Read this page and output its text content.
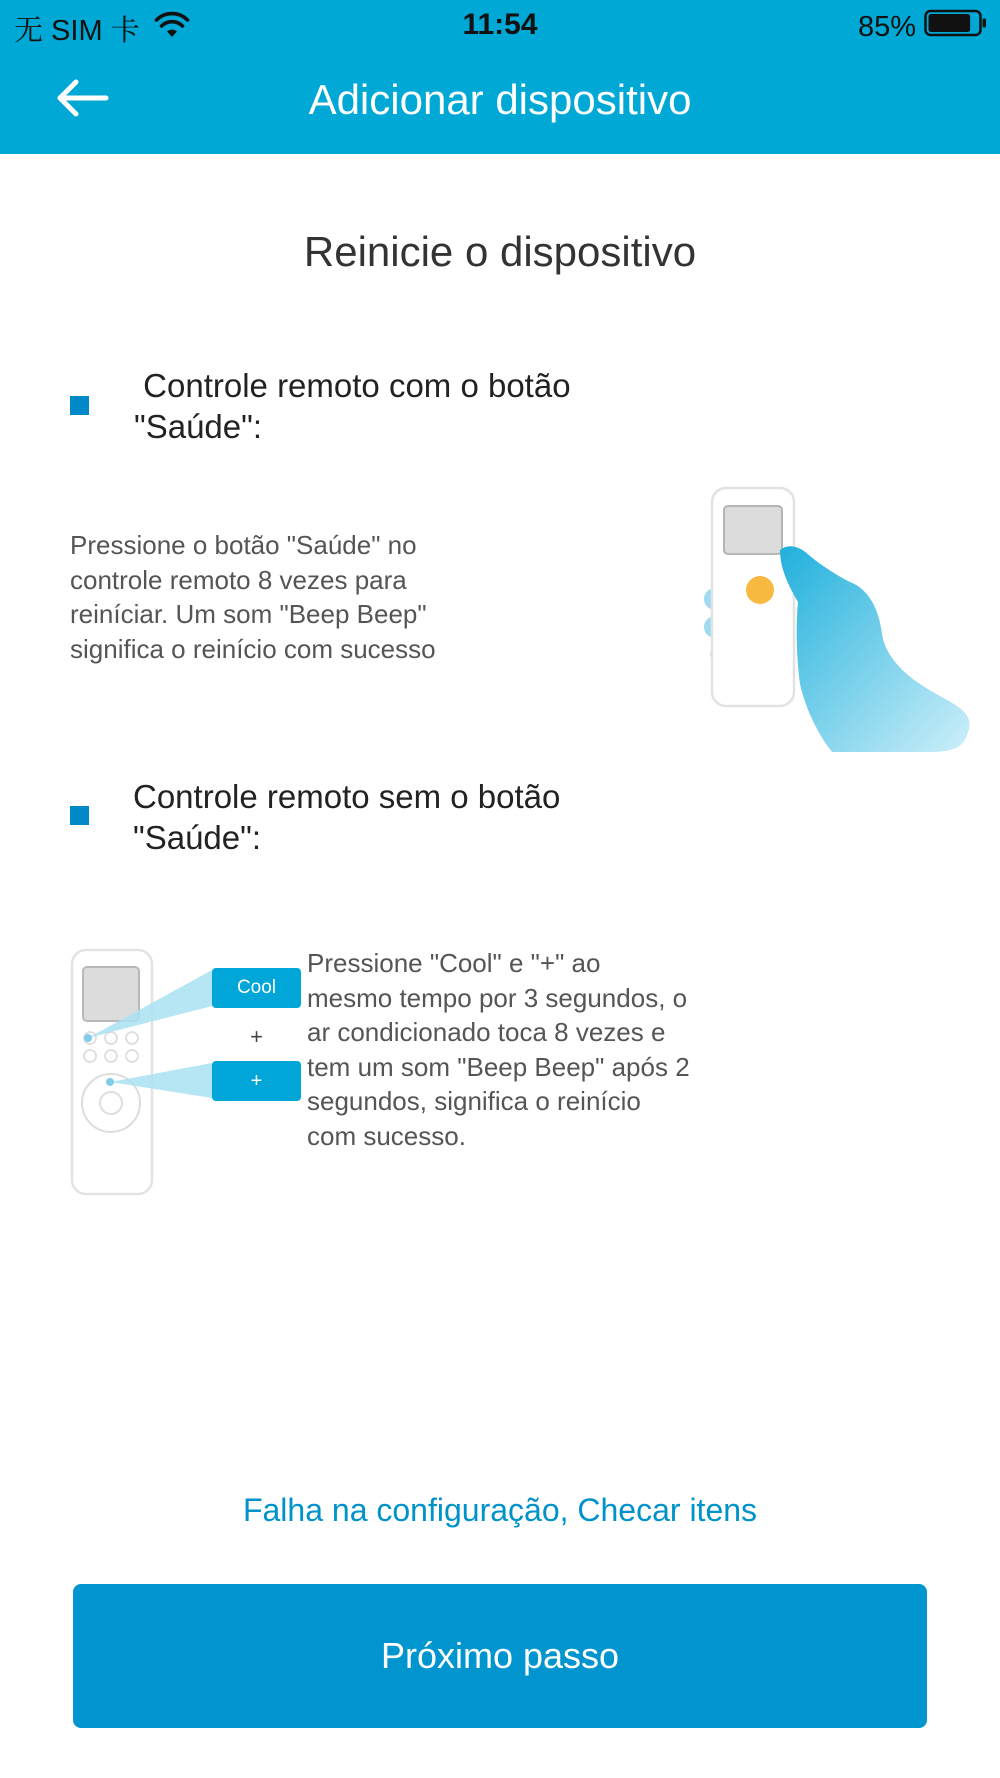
无 SIM 卡	11:54	85%
Adicionar dispositivo
Reinicie o dispositivo
Controle remoto com o botão
"Saúde":
Pressione o botão "Saúde" no
controle remoto 8 vezes para
reiníciar. Um som "Beep Beep"
significa o reinício com sucesso
Controle remoto sem o botão
"Saúde":
Cool
+
+
Pressione "Cool" e "+" ao
mesmo tempo por 3 segundos, o
ar condicionado toca 8 vezes e
tem um som "Beep Beep" após 2
segundos, significa o reinício
com sucesso.
Falha na configuração, Checar itens
Próximo passo
